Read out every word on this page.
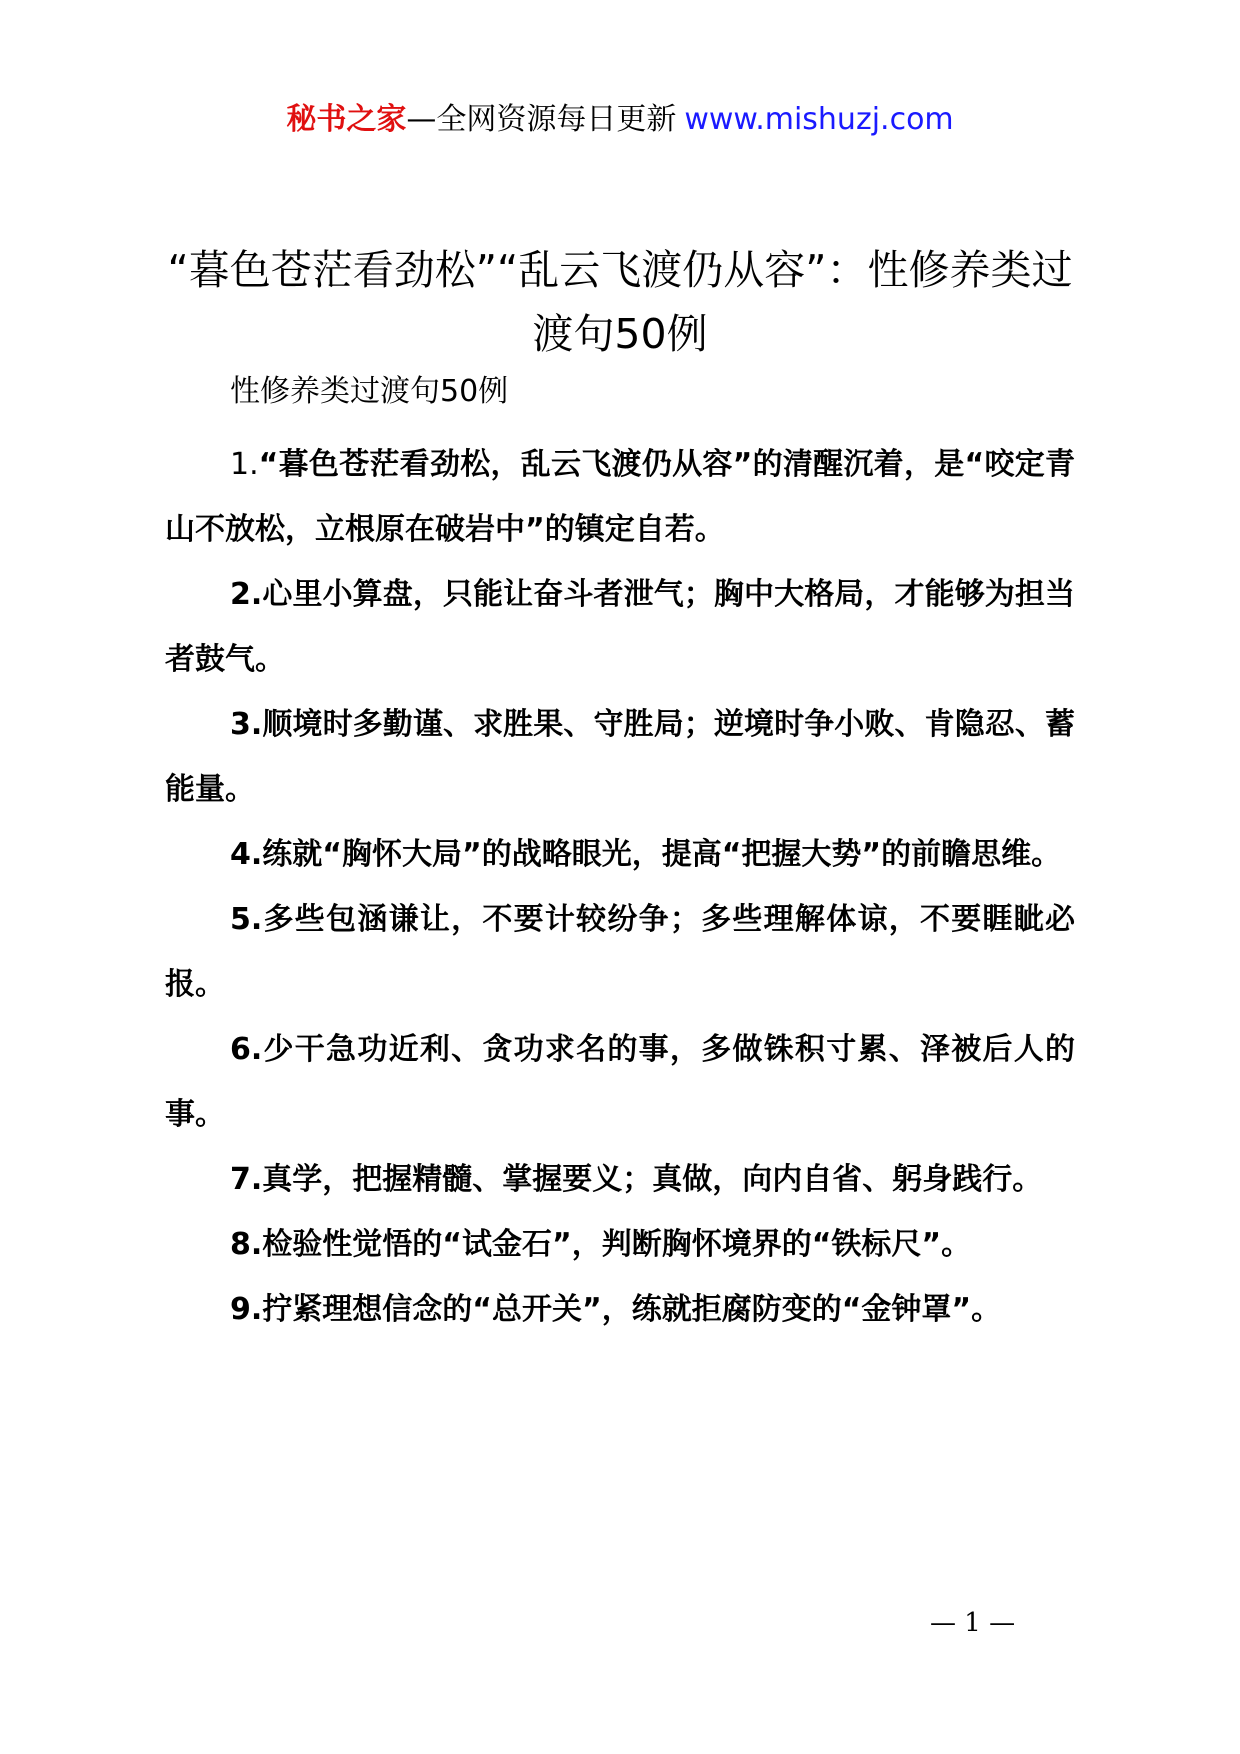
秘书之家—全网资源每日更新 www.mishuzj.com
“暮色苍茫看劲松”“乱云飞渡仍从容”：性修养类过渡句50例
性修养类过渡句50例

1.“暮色苍茫看劲松，乱云飞渡仍从容”的清醒沉着，是“咬定青山不放松，立根原在破岩中”的镇定自若。

2.心里小算盘，只能让奋斗者泄气；胸中大格局，才能够为担当者鼓气。

3.顺境时多勤谨、求胜果、守胜局；逆境时争小败、肯隐忍、蓄能量。

4.练就“胸怀大局”的战略眼光，提高“把握大势”的前瞻思维。

5.多些包涵谦让，不要计较纷争；多些理解体谅，不要睚眦必报。

6.少干急功近利、贪功求名的事，多做铢积寸累、泽被后人的事。

7.真学，把握精髓、掌握要义；真做，向内自省、躬身践行。

8.检验性觉悟的“试金石”，判断胸怀境界的“铁标尺”。

9.拧紧理想信念的“总开关”，练就拒腐防变的“金钟罩”。

— 1 —
